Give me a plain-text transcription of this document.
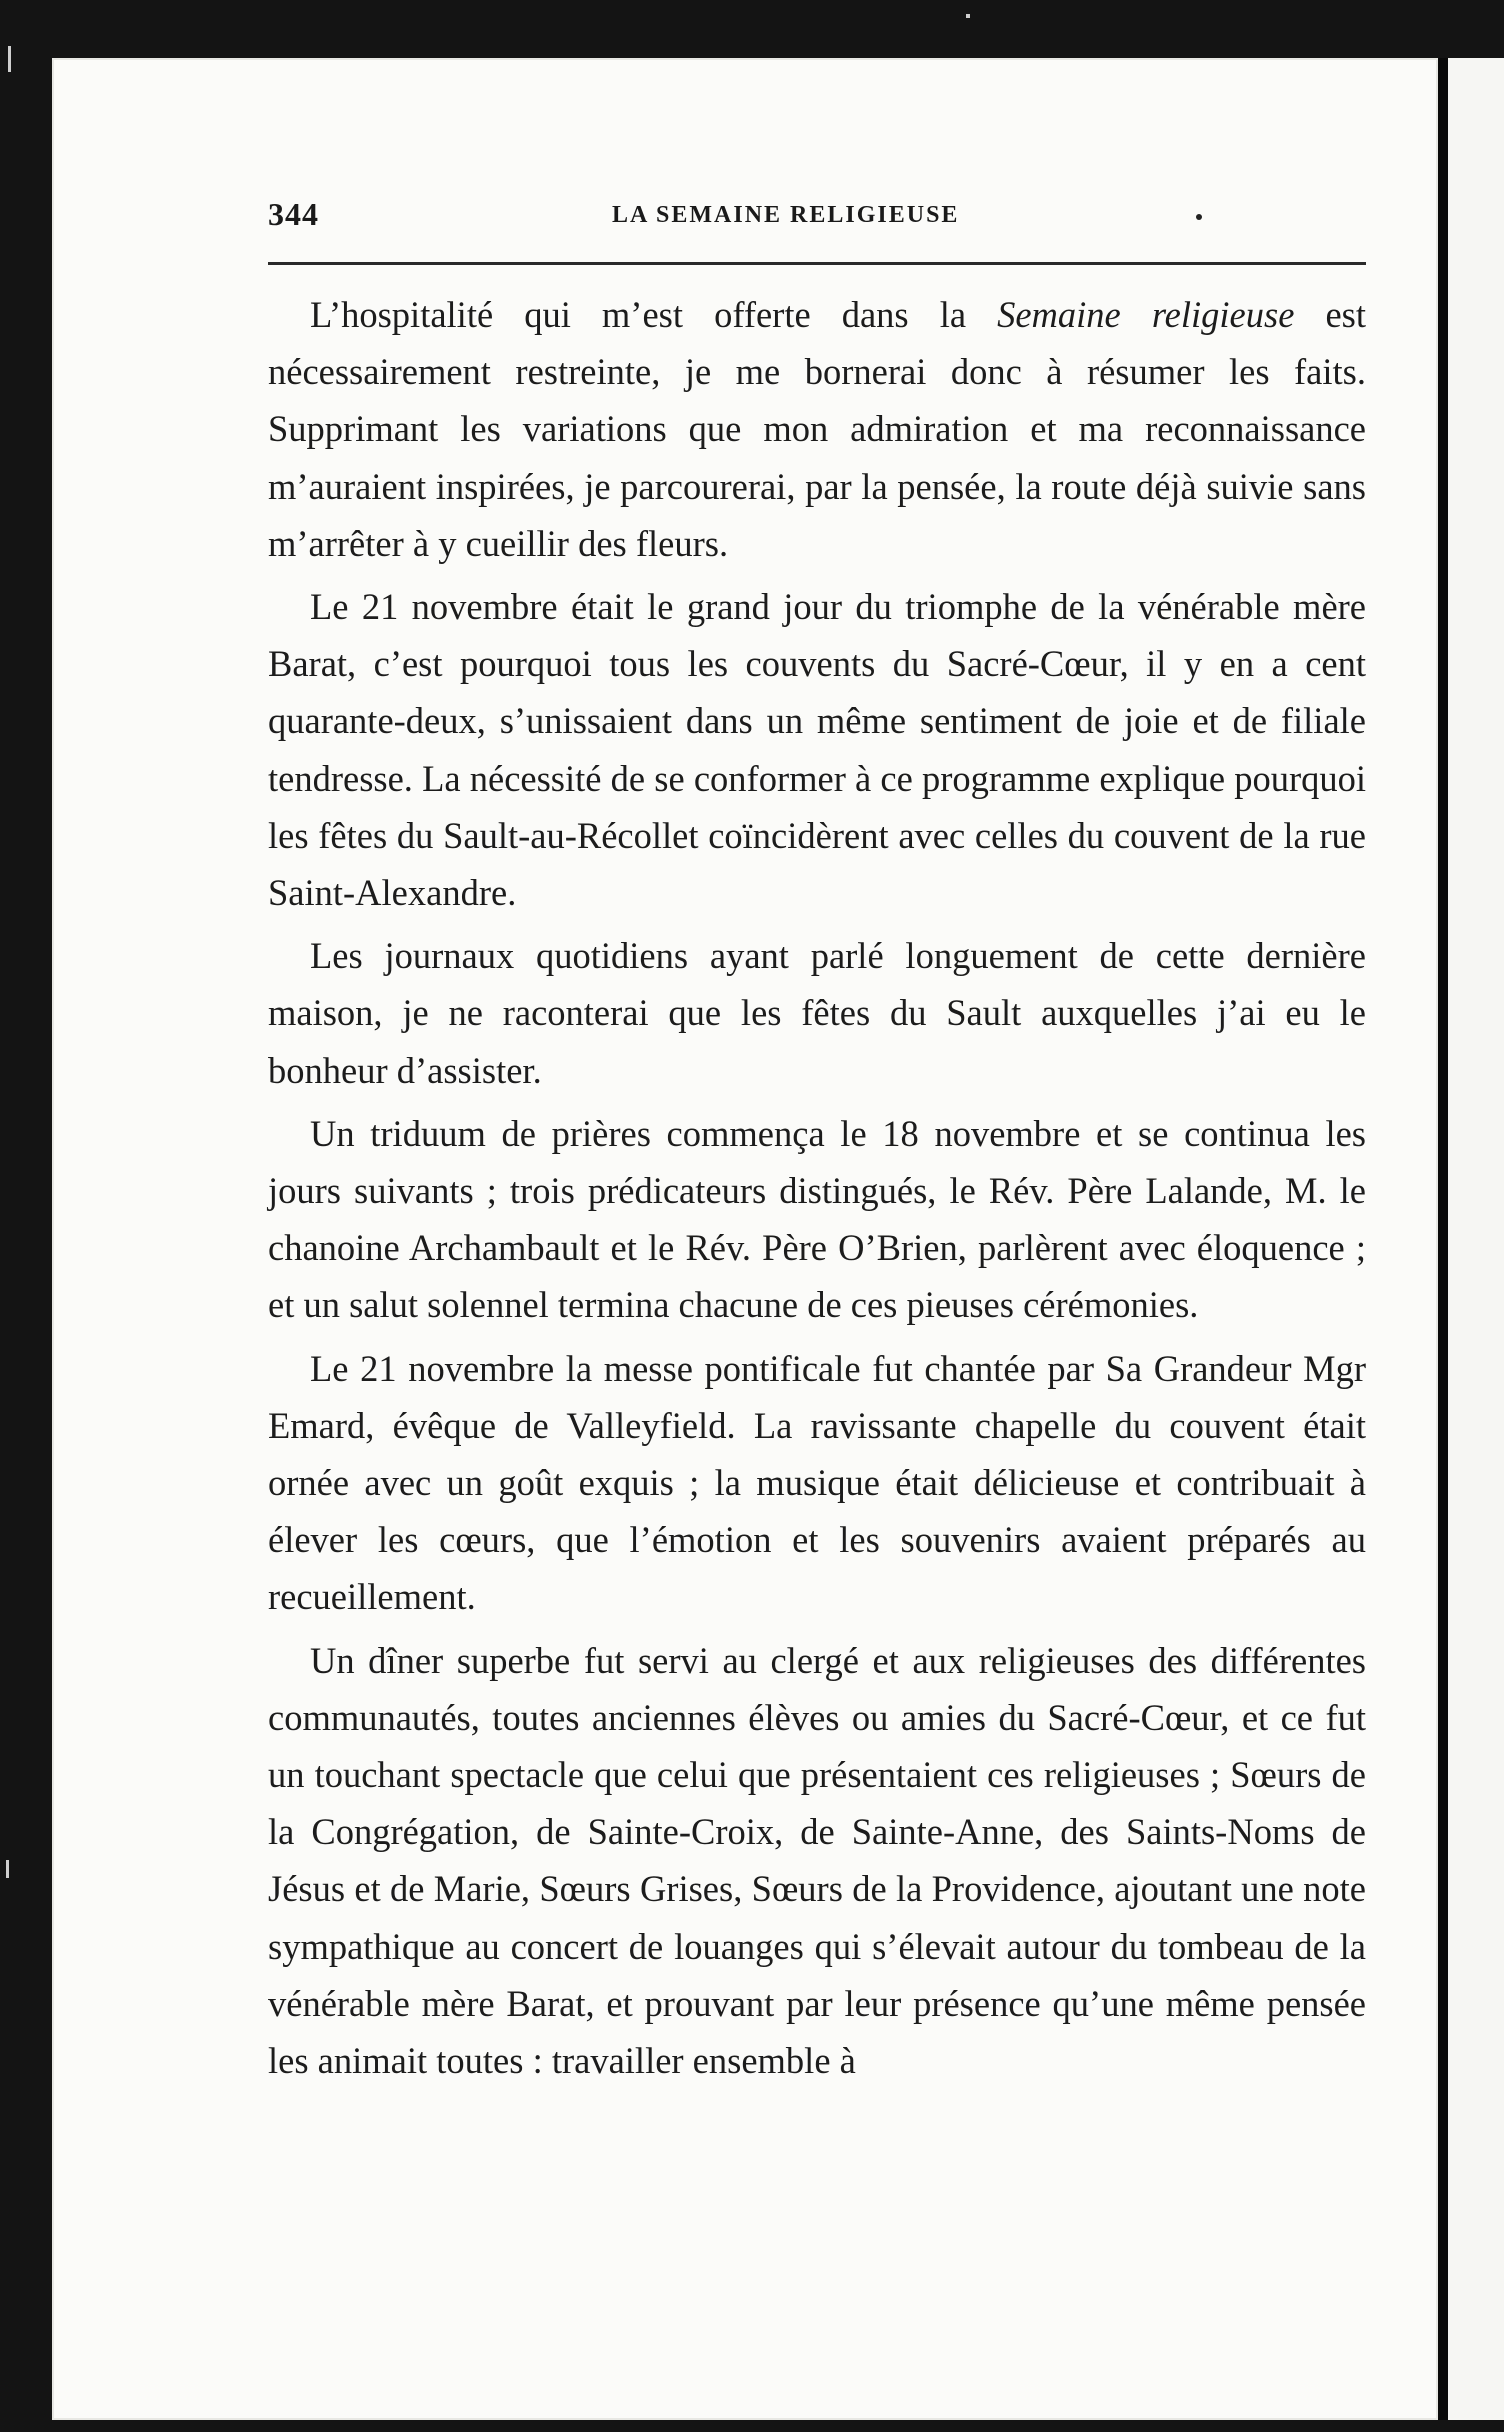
344	LA SEMAINE RELIGIEUSE

L’hospitalité qui m’est offerte dans la Semaine religieuse est nécessairement restreinte, je me bornerai donc à résumer les faits. Supprimant les variations que mon admiration et ma reconnaissance m’auraient inspirées, je parcourerai, par la pensée, la route déjà suivie sans m’arrêter à y cueillir des fleurs.

Le 21 novembre était le grand jour du triomphe de la vénérable mère Barat, c’est pourquoi tous les couvents du Sacré-Cœur, il y en a cent quarante-deux, s’unissaient dans un même sentiment de joie et de filiale tendresse. La nécessité de se conformer à ce programme explique pourquoi les fêtes du Sault-au-Récollet coïncidèrent avec celles du couvent de la rue Saint-Alexandre.

Les journaux quotidiens ayant parlé longuement de cette dernière maison, je ne raconterai que les fêtes du Sault auxquelles j’ai eu le bonheur d’assister.

Un triduum de prières commença le 18 novembre et se continua les jours suivants ; trois prédicateurs distingués, le Rév. Père Lalande, M. le chanoine Archambault et le Rév. Père O’Brien, parlèrent avec éloquence ; et un salut solennel termina chacune de ces pieuses cérémonies.

Le 21 novembre la messe pontificale fut chantée par Sa Grandeur Mgr Emard, évêque de Valleyfield. La ravissante chapelle du couvent était ornée avec un goût exquis ; la musique était délicieuse et contribuait à élever les cœurs, que l’émotion et les souvenirs avaient préparés au recueillement.

Un dîner superbe fut servi au clergé et aux religieuses des différentes communautés, toutes anciennes élèves ou amies du Sacré-Cœur, et ce fut un touchant spectacle que celui que présentaient ces religieuses ; Sœurs de la Congrégation, de Sainte-Croix, de Sainte-Anne, des Saints-Noms de Jésus et de Marie, Sœurs Grises, Sœurs de la Providence, ajoutant une note sympathique au concert de louanges qui s’élevait autour du tombeau de la vénérable mère Barat, et prouvant par leur présence qu’une même pensée les animait toutes : travailler ensemble à
